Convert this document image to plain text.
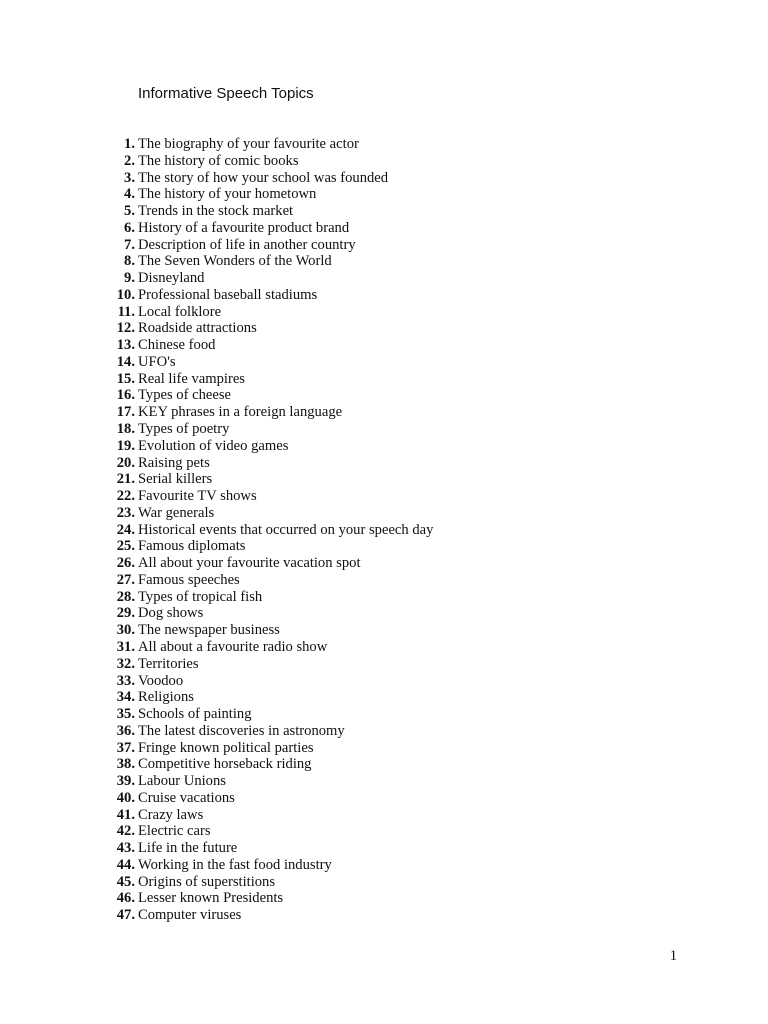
Informative Speech Topics
1. The biography of your favourite actor
2. The history of comic books
3. The story of how your school was founded
4. The history of your hometown
5. Trends in the stock market
6. History of a favourite product brand
7. Description of life in another country
8. The Seven Wonders of the World
9. Disneyland
10. Professional baseball stadiums
11. Local folklore
12. Roadside attractions
13. Chinese food
14. UFO's
15. Real life vampires
16. Types of cheese
17. KEY phrases in a foreign language
18. Types of poetry
19. Evolution of video games
20. Raising pets
21. Serial killers
22. Favourite TV shows
23. War generals
24. Historical events that occurred on your speech day
25. Famous diplomats
26. All about your favourite vacation spot
27. Famous speeches
28. Types of tropical fish
29. Dog shows
30. The newspaper business
31. All about a favourite radio show
32. Territories
33. Voodoo
34. Religions
35. Schools of painting
36. The latest discoveries in astronomy
37. Fringe known political parties
38. Competitive horseback riding
39. Labour Unions
40. Cruise vacations
41. Crazy laws
42. Electric cars
43. Life in the future
44. Working in the fast food industry
45. Origins of superstitions
46. Lesser known Presidents
47. Computer viruses
1
